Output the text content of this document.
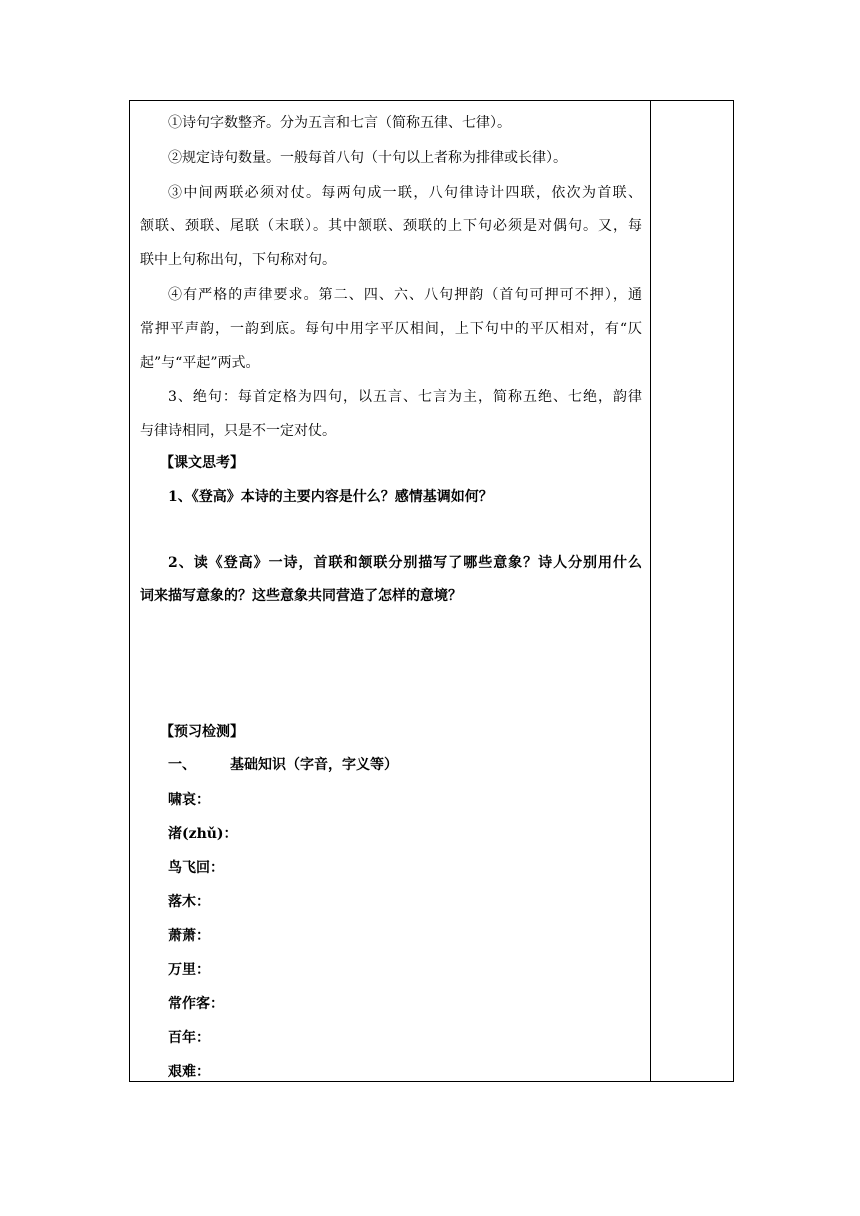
①诗句字数整齐。分为五言和七言（简称五律、七律）。
②规定诗句数量。一般每首八句（十句以上者称为排律或长律）。
③中间两联必须对仗。每两句成一联，八句律诗计四联，依次为首联、
颔联、颈联、尾联（末联）。其中颔联、颈联的上下句必须是对偶句。又，每
联中上句称出句，下句称对句。
④有严格的声律要求。第二、四、六、八句押韵（首句可押可不押），通
常押平声韵，一韵到底。每句中用字平仄相间，上下句中的平仄相对，有“仄
起”与“平起”两式。
3、绝句：每首定格为四句，以五言、七言为主，简称五绝、七绝，韵律
与律诗相同，只是不一定对仗。
【课文思考】
1、《登高》本诗的主要内容是什么？感情基调如何？
2、读《登高》一诗，首联和颔联分别描写了哪些意象？诗人分别用什么
词来描写意象的？这些意象共同营造了怎样的意境？
【预习检测】
一、 基础知识（字音，字义等）
啸哀：
渚(zhǔ)：
鸟飞回：
落木：
萧萧：
万里：
常作客：
百年：
艰难：
